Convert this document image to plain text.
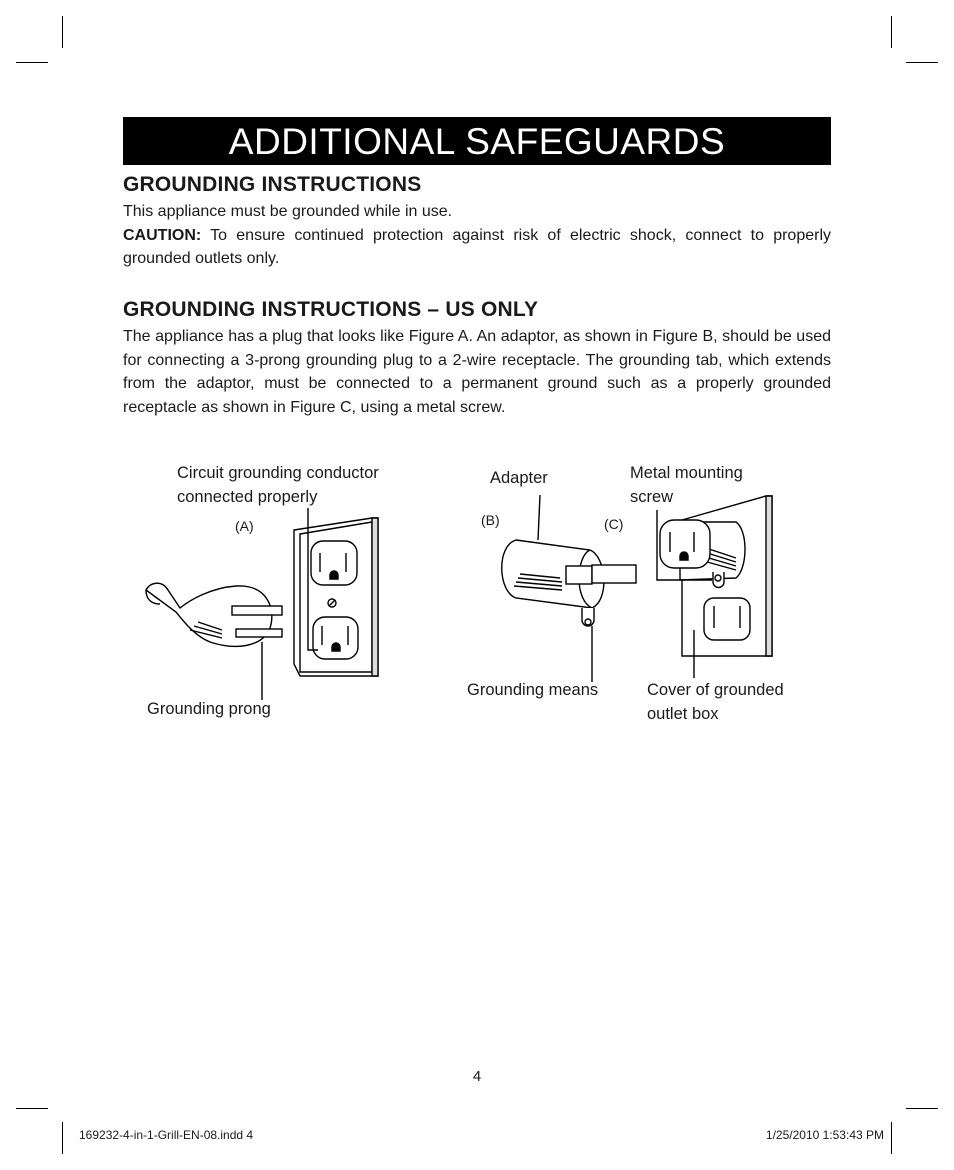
ADDITIONAL SAFEGUARDS
GROUNDING INSTRUCTIONS
This appliance must be grounded while in use.
CAUTION: To ensure continued protection against risk of electric shock, connect to properly grounded outlets only.
GROUNDING INSTRUCTIONS – US ONLY
The appliance has a plug that looks like Figure A. An adaptor, as shown in Figure B, should be used for connecting a 3-prong grounding plug to a 2-wire receptacle. The grounding tab, which extends from the adaptor, must be connected to a permanent ground such as a properly grounded receptacle as shown in Figure C, using a metal screw.
Circuit grounding conductor
connected properly
(A)
Grounding prong
Adapter
(B)	(C)
Metal mounting
screw
Grounding means	Cover of grounded
outlet box
4
169232-4-in-1-Grill-EN-08.indd 4	1/25/2010 1:53:43 PM
